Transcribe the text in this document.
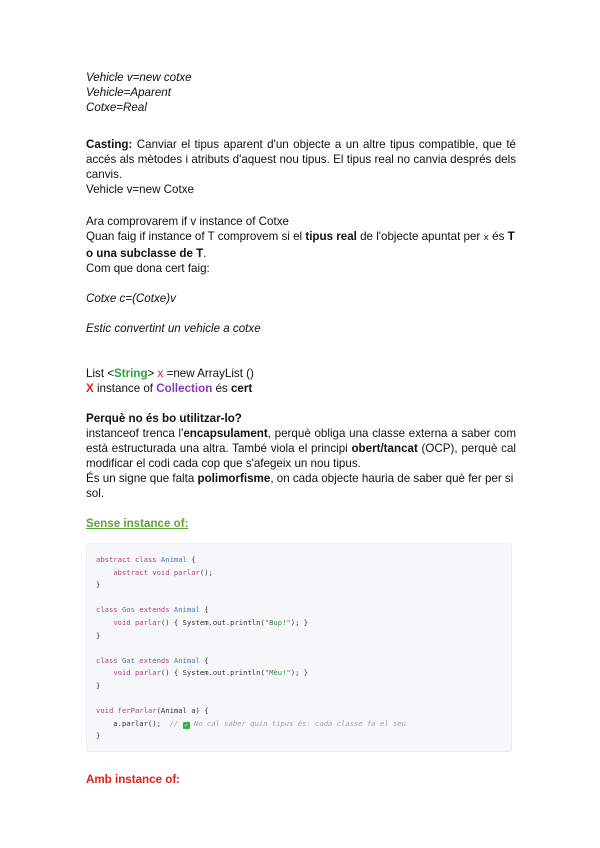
Vehicle v=new cotxe
Vehicle=Aparent
Cotxe=Real
Casting: Canviar el tipus aparent d'un objecte a un altre tipus compatible, que té accés als mètodes i atributs d'aquest nou tipus. El tipus real no canvia després dels canvis.
Vehicle v=new Cotxe
Ara comprovarem if v instance of Cotxe
Quan faig if instance of T comprovem si el tipus real de l'objecte apuntat per x és T o una subclasse de T.
Com que dona cert faig:
Cotxe c=(Cotxe)v
Estic convertint un vehicle a cotxe
List <String> x =new ArrayList ()
X instance of Collection és cert
Perquè no és bo utilitzar-lo?
instanceof trenca l'encapsulament, perquè obliga una classe externa a saber com està estructurada una altra. També viola el principi obert/tancat (OCP), perquè cal modificar el codi cada cop que s'afegeix un nou tipus.
És un signe que falta polimorfisme, on cada objecte hauria de saber què fer per si sol.
Sense instance of:
abstract class Animal {
abstract void parlar();
}
class Gos extends Animal {
void parlar() { System.out.println("Bup!"); }
}
class Gat extends Animal {
void parlar() { System.out.println("Mèu!"); }
}
void ferParlar(Animal a) {
a.parlar();  // ✓ No cal saber quin tipus és: cada classe fa el seu
}
Amb instance of:
